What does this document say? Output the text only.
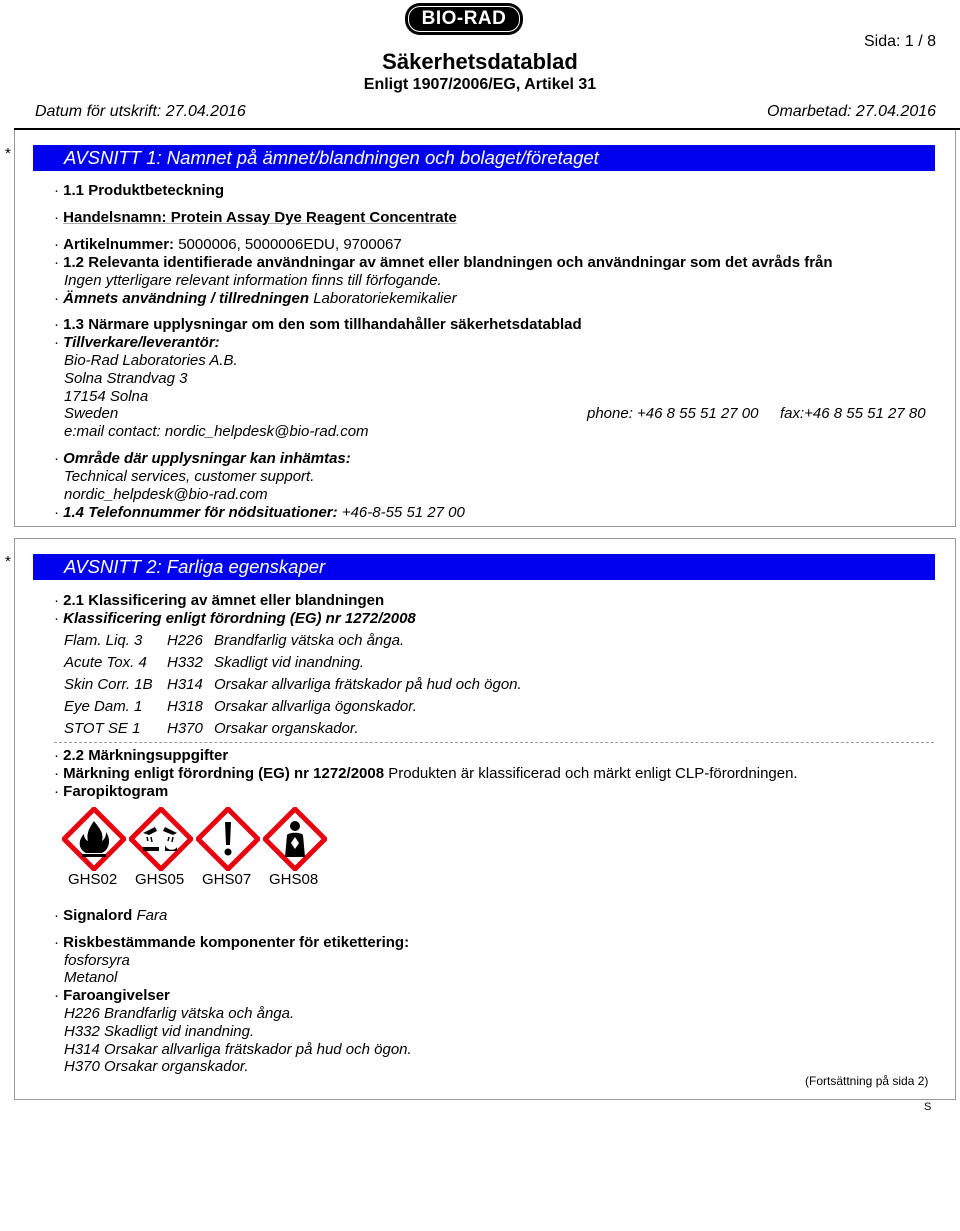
BIO-RAD
Sida: 1 / 8
Säkerhetsdatablad
Enligt 1907/2006/EG, Artikel 31
Datum för utskrift: 27.04.2016	Omarbetad: 27.04.2016
*	AVSNITT 1: Namnet på ämnet/blandningen och bolaget/företaget
· 1.1 Produktbeteckning
· Handelsnamn: Protein Assay Dye Reagent Concentrate
· Artikelnummer: 5000006, 5000006EDU, 9700067
· 1.2 Relevanta identifierade användningar av ämnet eller blandningen och användningar som det avråds från
Ingen ytterligare relevant information finns till förfogande.
· Ämnets användning / tillredningen Laboratoriekemikalier
· 1.3 Närmare upplysningar om den som tillhandahåller säkerhetsdatablad
· Tillverkare/leverantör:
Bio-Rad Laboratories A.B.
Solna Strandvag 3
17154 Solna
Sweden	phone: +46 8 55 51 27 00 fax:+46 8 55 51 27 80
e:mail contact: nordic_helpdesk@bio-rad.com
· Område där upplysningar kan inhämtas:
Technical services, customer support.
nordic_helpdesk@bio-rad.com
· 1.4 Telefonnummer för nödsituationer: +46-8-55 51 27 00
*	AVSNITT 2: Farliga egenskaper
· 2.1 Klassificering av ämnet eller blandningen
· Klassificering enligt förordning (EG) nr 1272/2008
Flam. Liq. 3 H226 Brandfarlig vätska och ånga.
Acute Tox. 4 H332 Skadligt vid inandning.
Skin Corr. 1B H314 Orsakar allvarliga frätskador på hud och ögon.
Eye Dam. 1 H318 Orsakar allvarliga ögonskador.
STOT SE 1 H370 Orsakar organskador.
· 2.2 Märkningsuppgifter
· Märkning enligt förordning (EG) nr 1272/2008 Produkten är klassificerad och märkt enligt CLP-förordningen.
· Faropiktogram
GHS02 GHS05 GHS07 GHS08
· Signalord Fara
· Riskbestämmande komponenter för etikettering:
fosforsyra
Metanol
· Faroangivelser
H226 Brandfarlig vätska och ånga.
H332 Skadligt vid inandning.
H314 Orsakar allvarliga frätskador på hud och ögon.
H370 Orsakar organskador.
(Fortsättning på sida 2)
S
